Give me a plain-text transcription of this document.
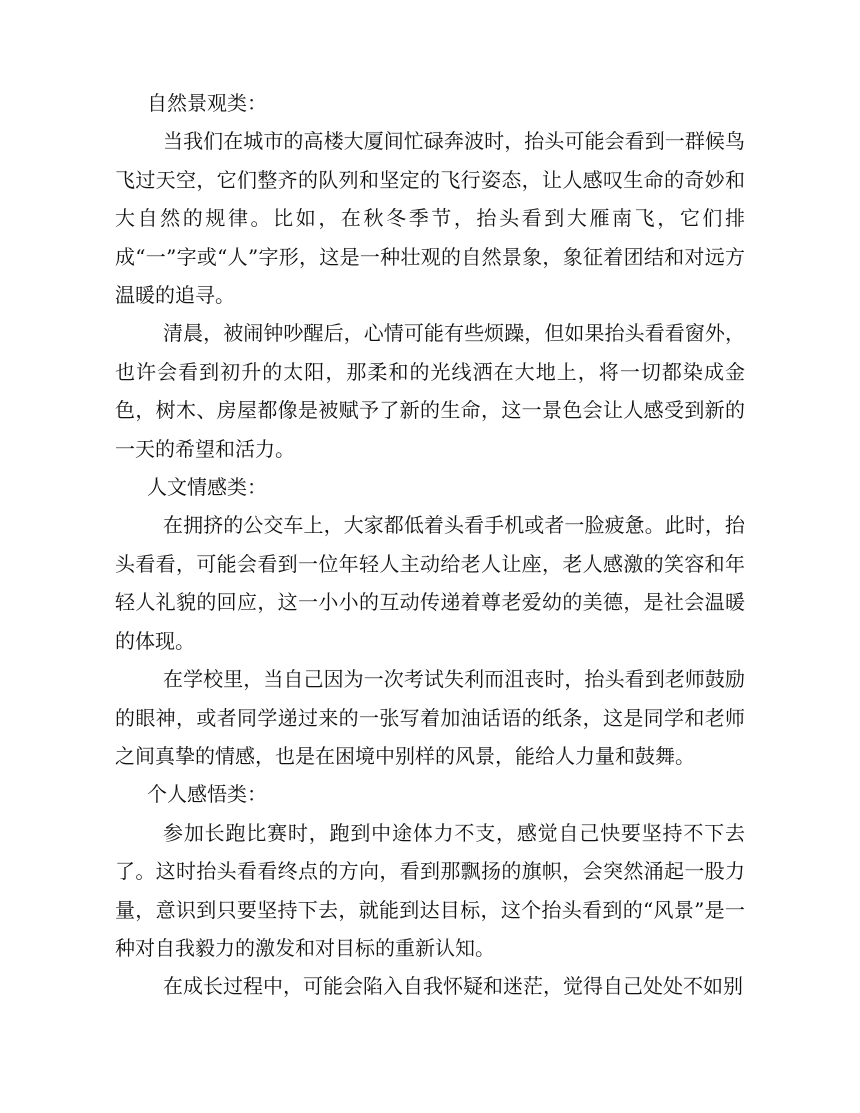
自然景观类：

当我们在城市的高楼大厦间忙碌奔波时，抬头可能会看到一群候鸟飞过天空，它们整齐的队列和坚定的飞行姿态，让人感叹生命的奇妙和大自然的规律。比如，在秋冬季节，抬头看到大雁南飞，它们排成“一”字或“人”字形，这是一种壮观的自然景象，象征着团结和对远方温暖的追寻。

清晨，被闹钟吵醒后，心情可能有些烦躁，但如果抬头看看窗外，也许会看到初升的太阳，那柔和的光线洒在大地上，将一切都染成金色，树木、房屋都像是被赋予了新的生命，这一景色会让人感受到新的一天的希望和活力。

人文情感类：

在拥挤的公交车上，大家都低着头看手机或者一脸疲惫。此时，抬头看看，可能会看到一位年轻人主动给老人让座，老人感激的笑容和年轻人礼貌的回应，这一小小的互动传递着尊老爱幼的美德，是社会温暖的体现。

在学校里，当自己因为一次考试失利而沮丧时，抬头看到老师鼓励的眼神，或者同学递过来的一张写着加油话语的纸条，这是同学和老师之间真挚的情感，也是在困境中别样的风景，能给人力量和鼓舞。

个人感悟类：

参加长跑比赛时，跑到中途体力不支，感觉自己快要坚持不下去了。这时抬头看看终点的方向，看到那飘扬的旗帜，会突然涌起一股力量，意识到只要坚持下去，就能到达目标，这个抬头看到的“风景”是一种对自我毅力的激发和对目标的重新认知。

在成长过程中，可能会陷入自我怀疑和迷茫，觉得自己处处不如别
